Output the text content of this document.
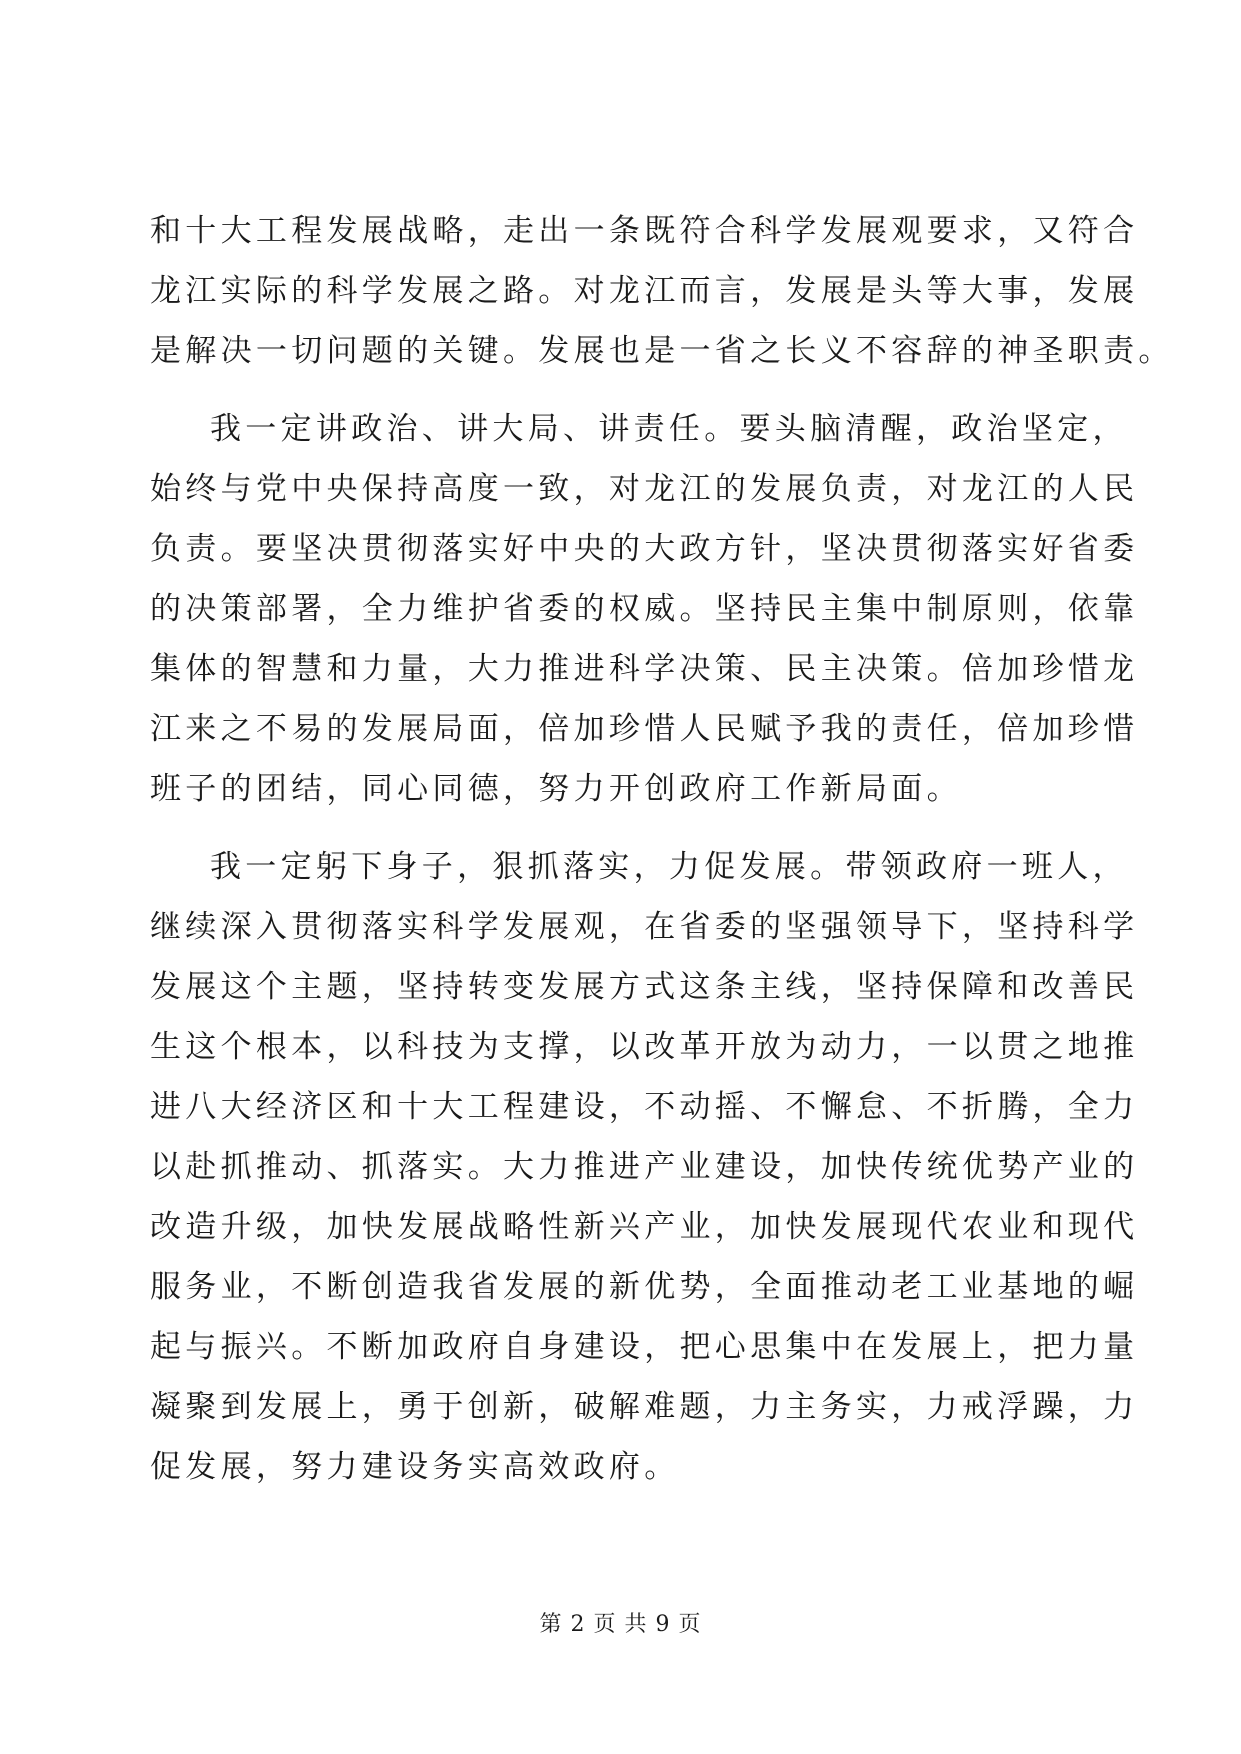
和十大工程发展战略，走出一条既符合科学发展观要求，又符合
龙江实际的科学发展之路。对龙江而言，发展是头等大事，发展
是解决一切问题的关键。发展也是一省之长义不容辞的神圣职责。
我一定讲政治、讲大局、讲责任。要头脑清醒，政治坚定，
始终与党中央保持高度一致，对龙江的发展负责，对龙江的人民
负责。要坚决贯彻落实好中央的大政方针，坚决贯彻落实好省委
的决策部署，全力维护省委的权威。坚持民主集中制原则，依靠
集体的智慧和力量，大力推进科学决策、民主决策。倍加珍惜龙
江来之不易的发展局面，倍加珍惜人民赋予我的责任，倍加珍惜
班子的团结，同心同德，努力开创政府工作新局面。
我一定躬下身子，狠抓落实，力促发展。带领政府一班人，
继续深入贯彻落实科学发展观，在省委的坚强领导下，坚持科学
发展这个主题，坚持转变发展方式这条主线，坚持保障和改善民
生这个根本，以科技为支撑，以改革开放为动力，一以贯之地推
进八大经济区和十大工程建设，不动摇、不懈怠、不折腾，全力
以赴抓推动、抓落实。大力推进产业建设，加快传统优势产业的
改造升级，加快发展战略性新兴产业，加快发展现代农业和现代
服务业，不断创造我省发展的新优势，全面推动老工业基地的崛
起与振兴。不断加政府自身建设，把心思集中在发展上，把力量
凝聚到发展上，勇于创新，破解难题，力主务实，力戒浮躁，力
促发展，努力建设务实高效政府。
第 2 页 共 9 页
